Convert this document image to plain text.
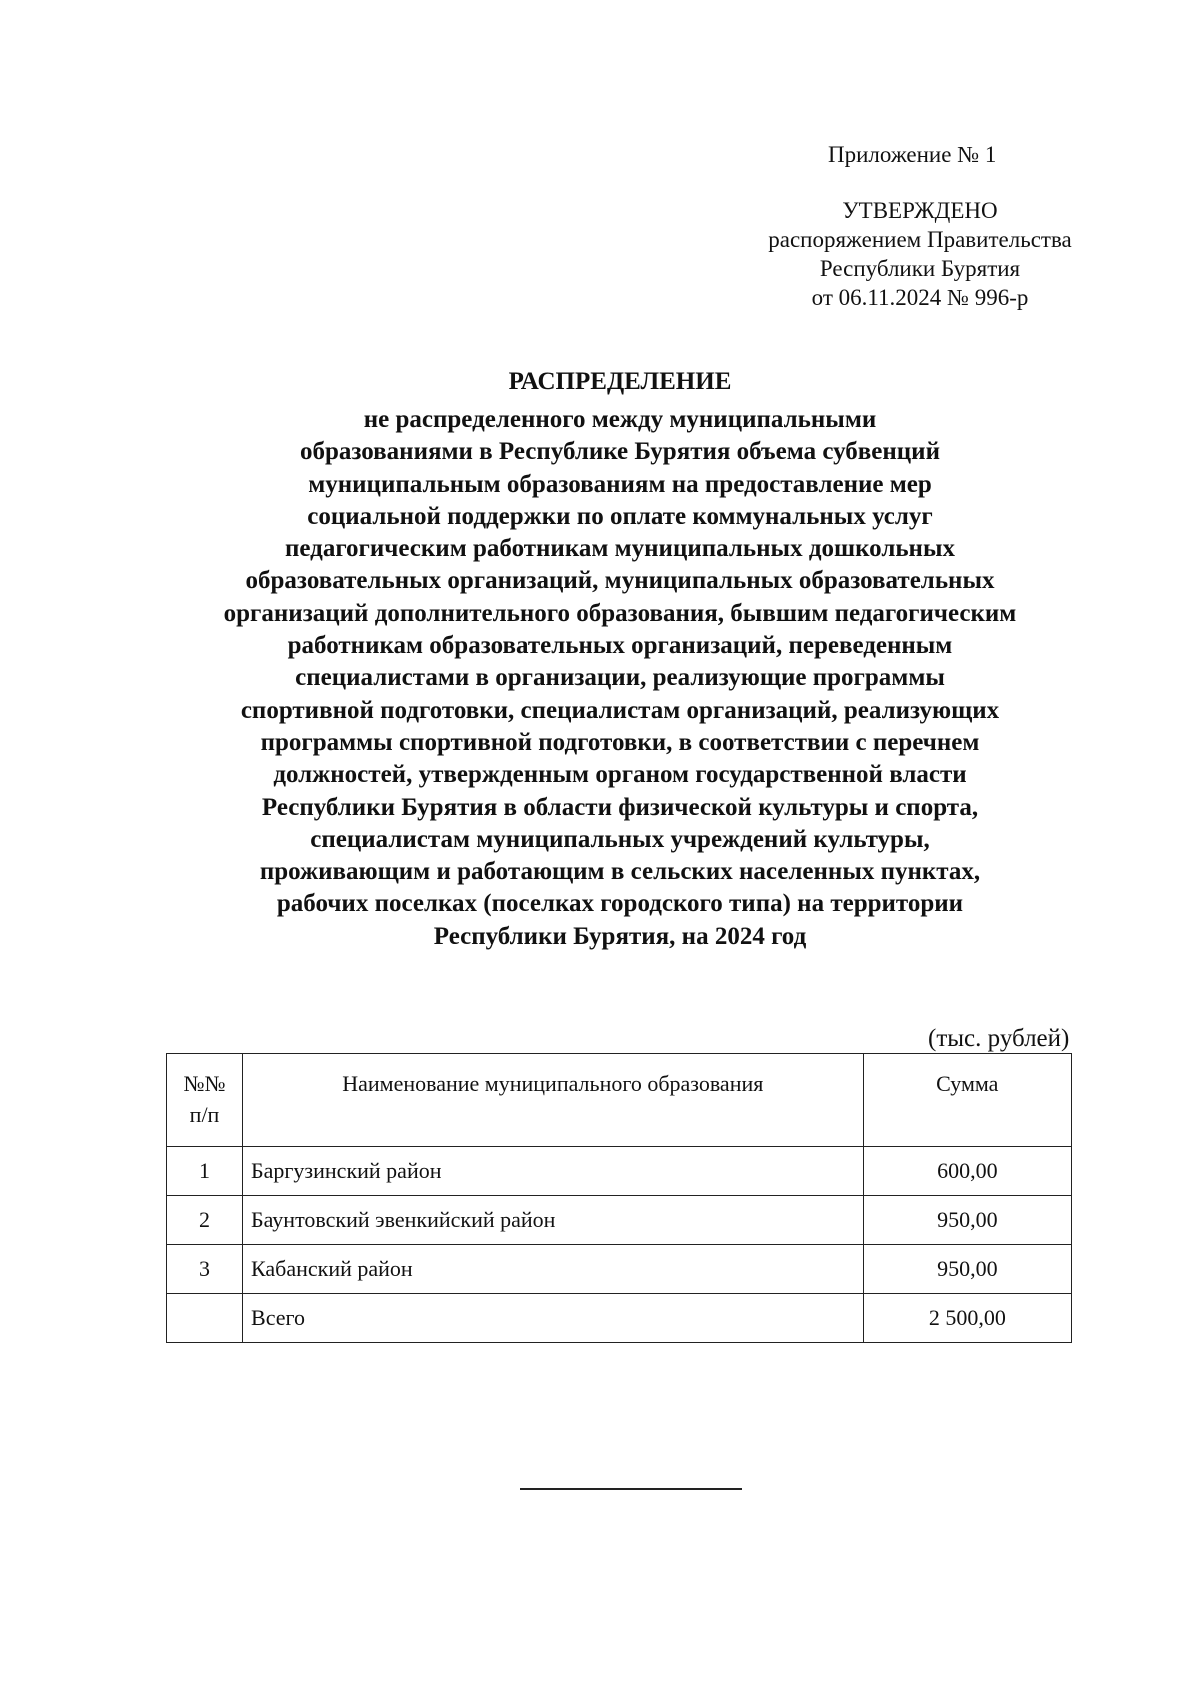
Приложение № 1
УТВЕРЖДЕНО
распоряжением Правительства
Республики Бурятия
от 06.11.2024 № 996-р
РАСПРЕДЕЛЕНИЕ
не распределенного между муниципальными
образованиями в Республике Бурятия объема субвенций
муниципальным образованиям на предоставление мер
социальной поддержки по оплате коммунальных услуг
педагогическим работникам муниципальных дошкольных
образовательных организаций, муниципальных образовательных
организаций дополнительного образования, бывшим педагогическим
работникам образовательных организаций, переведенным
специалистами в организации, реализующие программы
спортивной подготовки, специалистам организаций, реализующих
программы спортивной подготовки, в соответствии с перечнем
должностей, утвержденным органом государственной власти
Республики Бурятия в области физической культуры и спорта,
специалистам муниципальных учреждений культуры,
проживающим и работающим в сельских населенных пунктах,
рабочих поселках (поселках городского типа) на территории
Республики Бурятия, на 2024 год
(тыс. рублей)
№№
п/п	Наименование муниципального образования	Сумма
1	Баргузинский район	600,00
2	Баунтовский эвенкийский район	950,00
3	Кабанский район	950,00
	Всего	2 500,00
